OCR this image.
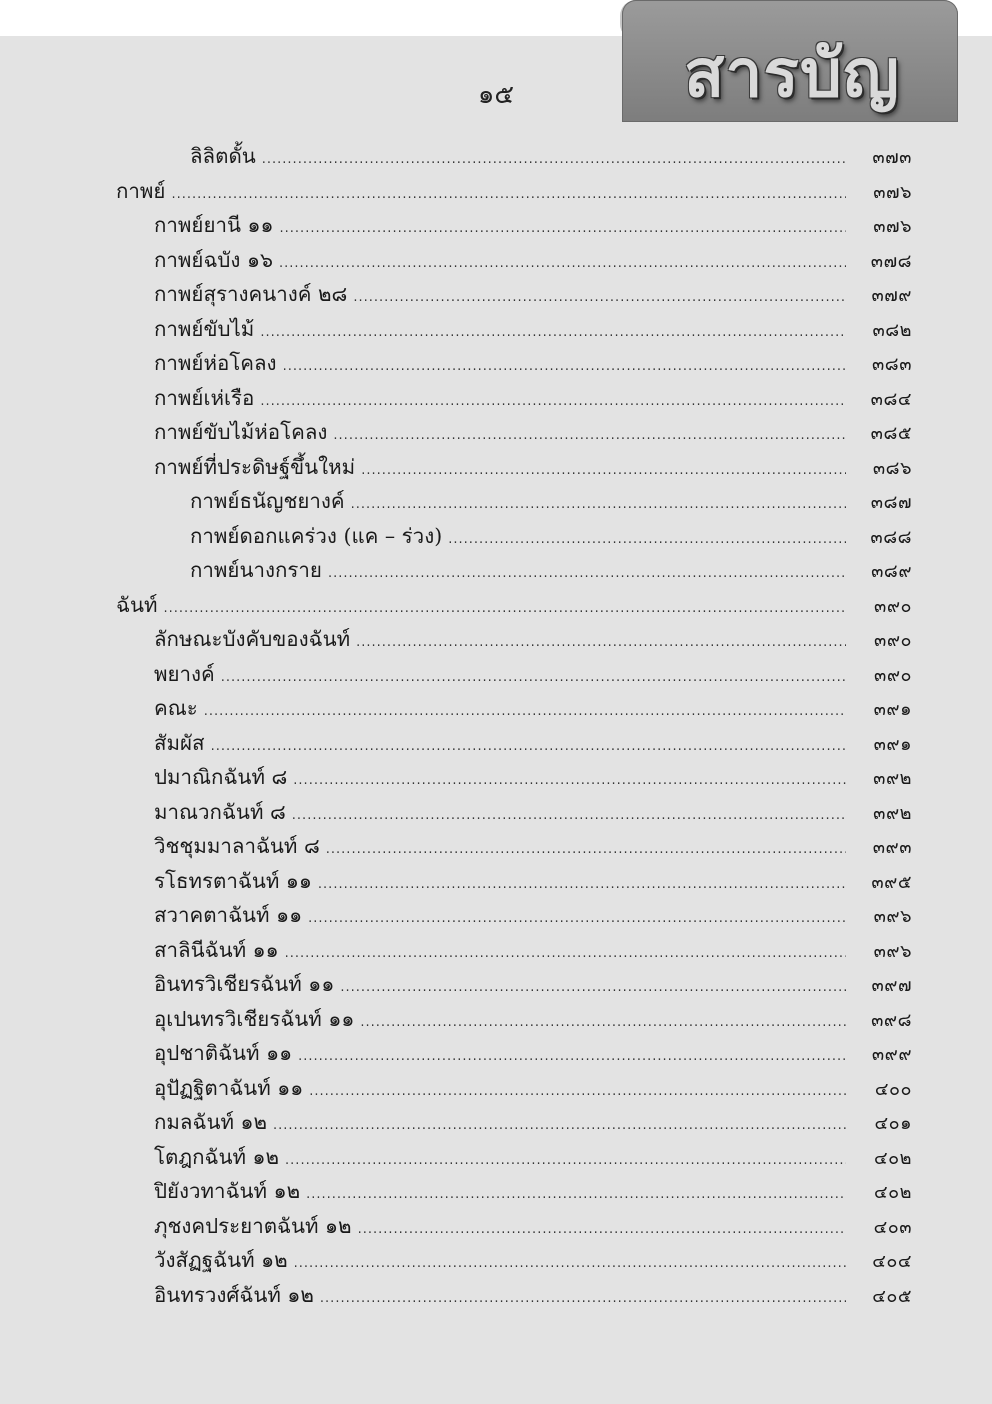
สารบัญ
๑๕
ลิลิตดั้น .....	๓๗๓
กาพย์ .....	๓๗๖
กาพย์ยานี ๑๑ .....	๓๗๖
กาพย์ฉบัง ๑๖ .....	๓๗๘
กาพย์สุรางคนางค์ ๒๘ .....	๓๗๙
กาพย์ขับไม้ .....	๓๘๒
กาพย์ห่อโคลง .....	๓๘๓
กาพย์เห่เรือ .....	๓๘๔
กาพย์ขับไม้ห่อโคลง .....	๓๘๕
กาพย์ที่ประดิษฐ์ขึ้นใหม่ .....	๓๘๖
กาพย์ธนัญชยางค์ .....	๓๘๗
กาพย์ดอกแคร่วง (แค – ร่วง) .....	๓๘๘
กาพย์นางกราย .....	๓๘๙
ฉันท์ .....	๓๙๐
ลักษณะบังคับของฉันท์ .....	๓๙๐
พยางค์ .....	๓๙๐
คณะ .....	๓๙๑
สัมผัส .....	๓๙๑
ปมาณิกฉันท์ ๘ .....	๓๙๒
มาณวกฉันท์ ๘ .....	๓๙๒
วิชชุมมาลาฉันท์ ๘ .....	๓๙๓
รโธทรตาฉันท์ ๑๑ .....	๓๙๕
สวาคตาฉันท์ ๑๑ .....	๓๙๖
สาลินีฉันท์ ๑๑ .....	๓๙๖
อินทรวิเชียรฉันท์ ๑๑ .....	๓๙๗
อุเปนทรวิเชียรฉันท์ ๑๑ .....	๓๙๘
อุปชาติฉันท์ ๑๑ .....	๓๙๙
อุปัฏฐิตาฉันท์ ๑๑ .....	๔๐๐
กมลฉันท์ ๑๒ .....	๔๐๑
โตฎกฉันท์ ๑๒ .....	๔๐๒
ปิยังวทาฉันท์ ๑๒ .....	๔๐๒
ภุชงคประยาตฉันท์ ๑๒ .....	๔๐๓
วังสัฏฐฉันท์ ๑๒ .....	๔๐๔
อินทรวงศ์ฉันท์ ๑๒ .....	๔๐๕
